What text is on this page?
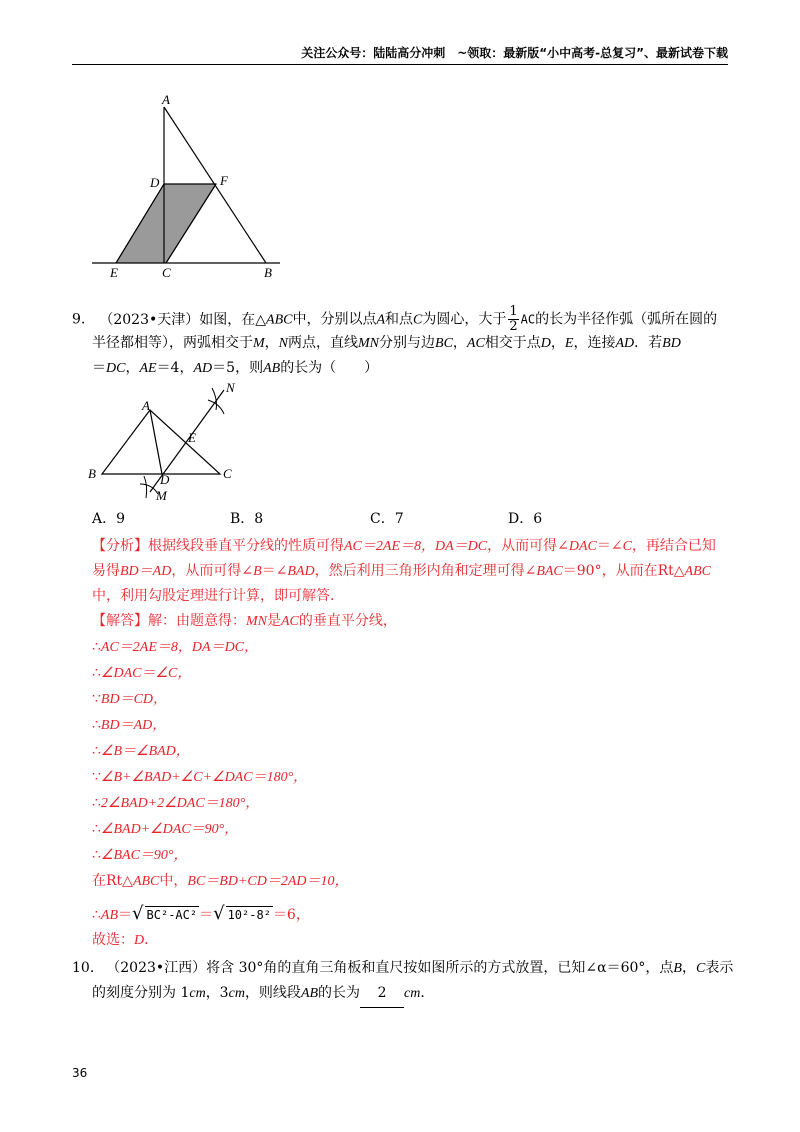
关注公众号：陆陆高分冲刺　~领取：最新版“小中高考-总复习”、最新试卷下载
A
D	F
E	C	B
9. （2023•天津）如图，在△ABC中，分别以点A和点C为圆心，大于 $\frac{1}{2}$ AC的长为半径作弧（弧所在圆的
半径都相等），两弧相交于M，N两点，直线MN分别与边BC，AC相交于点D，E，连接AD．若BD
＝DC，AE＝4，AD＝5，则AB的长为（　　）
N
A
E
B	D	C
M
A．9	B．8	C．7	D．6
【分析】根据线段垂直平分线的性质可得AC＝2AE＝8，DA＝DC，从而可得∠DAC＝∠C，再结合已知
易得BD＝AD，从而可得∠B＝∠BAD，然后利用三角形内角和定理可得∠BAC＝90°，从而在Rt△ABC
中，利用勾股定理进行计算，即可解答．
【解答】解：由题意得：MN是AC的垂直平分线，
∴AC＝2AE＝8，DA＝DC，
∴∠DAC＝∠C，
∵BD＝CD，
∴BD＝AD，
∴∠B＝∠BAD，
∵∠B+∠BAD+∠C+∠DAC＝180°，
∴2∠BAD+2∠DAC＝180°，
∴∠BAD+∠DAC＝90°，
∴∠BAC＝90°，
在Rt△ABC中，BC＝BD+CD＝2AD＝10，
∴AB＝√ BC²-AC² ＝√ 10²-8² ＝6，
故选：D．
10. （2023•江西）将含 30°角的直角三角板和直尺按如图所示的方式放置，已知∠α＝60°，点B，C表示
的刻度分别为 1cm，3cm，则线段AB的长为 2 cm．
36
